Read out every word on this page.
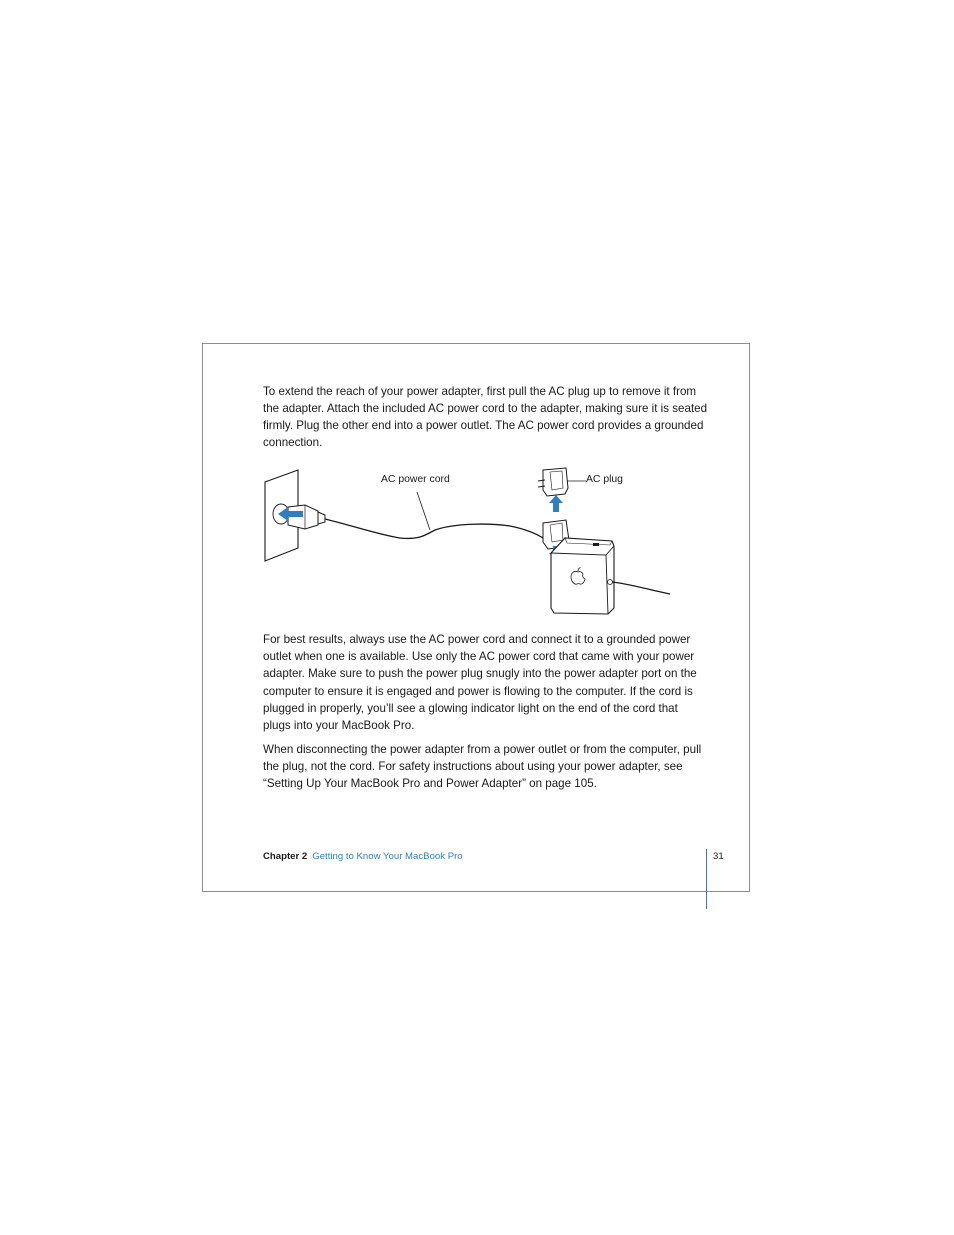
To extend the reach of your power adapter, first pull the AC plug up to remove it from the adapter. Attach the included AC power cord to the adapter, making sure it is seated firmly. Plug the other end into a power outlet. The AC power cord provides a grounded connection.

AC power cord	AC plug

For best results, always use the AC power cord and connect it to a grounded power outlet when one is available. Use only the AC power cord that came with your power adapter. Make sure to push the power plug snugly into the power adapter port on the computer to ensure it is engaged and power is flowing to the computer. If the cord is plugged in properly, you’ll see a glowing indicator light on the end of the cord that plugs into your MacBook Pro.

When disconnecting the power adapter from a power outlet or from the computer, pull the plug, not the cord. For safety instructions about using your power adapter, see “Setting Up Your MacBook Pro and Power Adapter” on page 105.

Chapter 2 Getting to Know Your MacBook Pro	31
